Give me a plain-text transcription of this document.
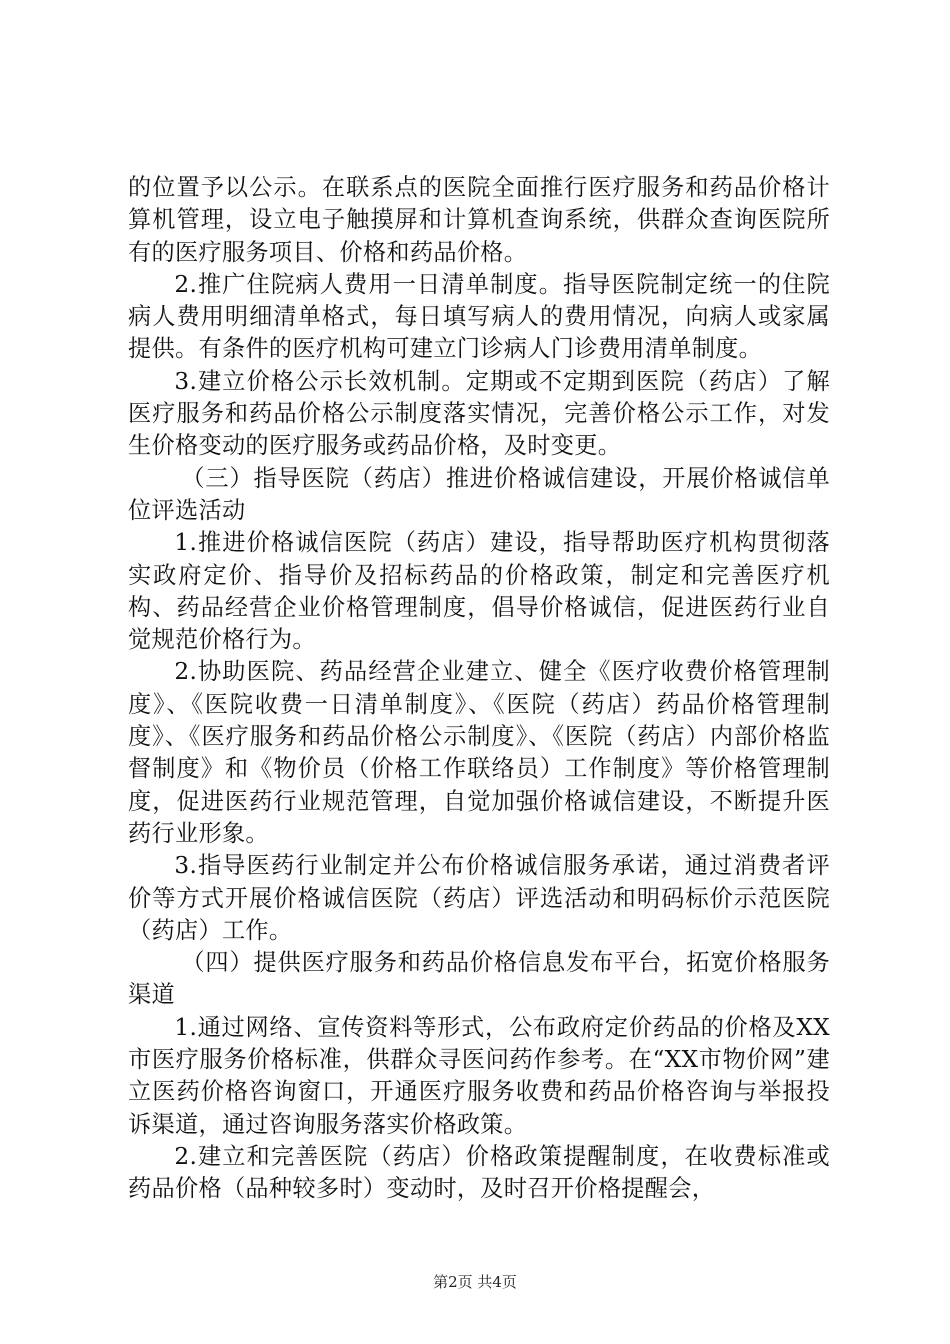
的位置予以公示。在联系点的医院全面推行医疗服务和药品价格计算机管理，设立电子触摸屏和计算机查询系统，供群众查询医院所有的医疗服务项目、价格和药品价格。

2.推广住院病人费用一日清单制度。指导医院制定统一的住院病人费用明细清单格式，每日填写病人的费用情况，向病人或家属提供。有条件的医疗机构可建立门诊病人门诊费用清单制度。

3.建立价格公示长效机制。定期或不定期到医院（药店）了解医疗服务和药品价格公示制度落实情况，完善价格公示工作，对发生价格变动的医疗服务或药品价格，及时变更。

（三）指导医院（药店）推进价格诚信建设，开展价格诚信单位评选活动

1.推进价格诚信医院（药店）建设，指导帮助医疗机构贯彻落实政府定价、指导价及招标药品的价格政策，制定和完善医疗机构、药品经营企业价格管理制度，倡导价格诚信，促进医药行业自觉规范价格行为。

2.协助医院、药品经营企业建立、健全《医疗收费价格管理制度》、《医院收费一日清单制度》、《医院（药店）药品价格管理制度》、《医疗服务和药品价格公示制度》、《医院（药店）内部价格监督制度》和《物价员（价格工作联络员）工作制度》等价格管理制度，促进医药行业规范管理，自觉加强价格诚信建设，不断提升医药行业形象。

3.指导医药行业制定并公布价格诚信服务承诺，通过消费者评价等方式开展价格诚信医院（药店）评选活动和明码标价示范医院（药店）工作。

（四）提供医疗服务和药品价格信息发布平台，拓宽价格服务渠道

1.通过网络、宣传资料等形式，公布政府定价药品的价格及XX市医疗服务价格标准，供群众寻医问药作参考。在“XX市物价网”建立医药价格咨询窗口，开通医疗服务收费和药品价格咨询与举报投诉渠道，通过咨询服务落实价格政策。

2.建立和完善医院（药店）价格政策提醒制度，在收费标准或药品价格（品种较多时）变动时，及时召开价格提醒会，

第2页 共4页
